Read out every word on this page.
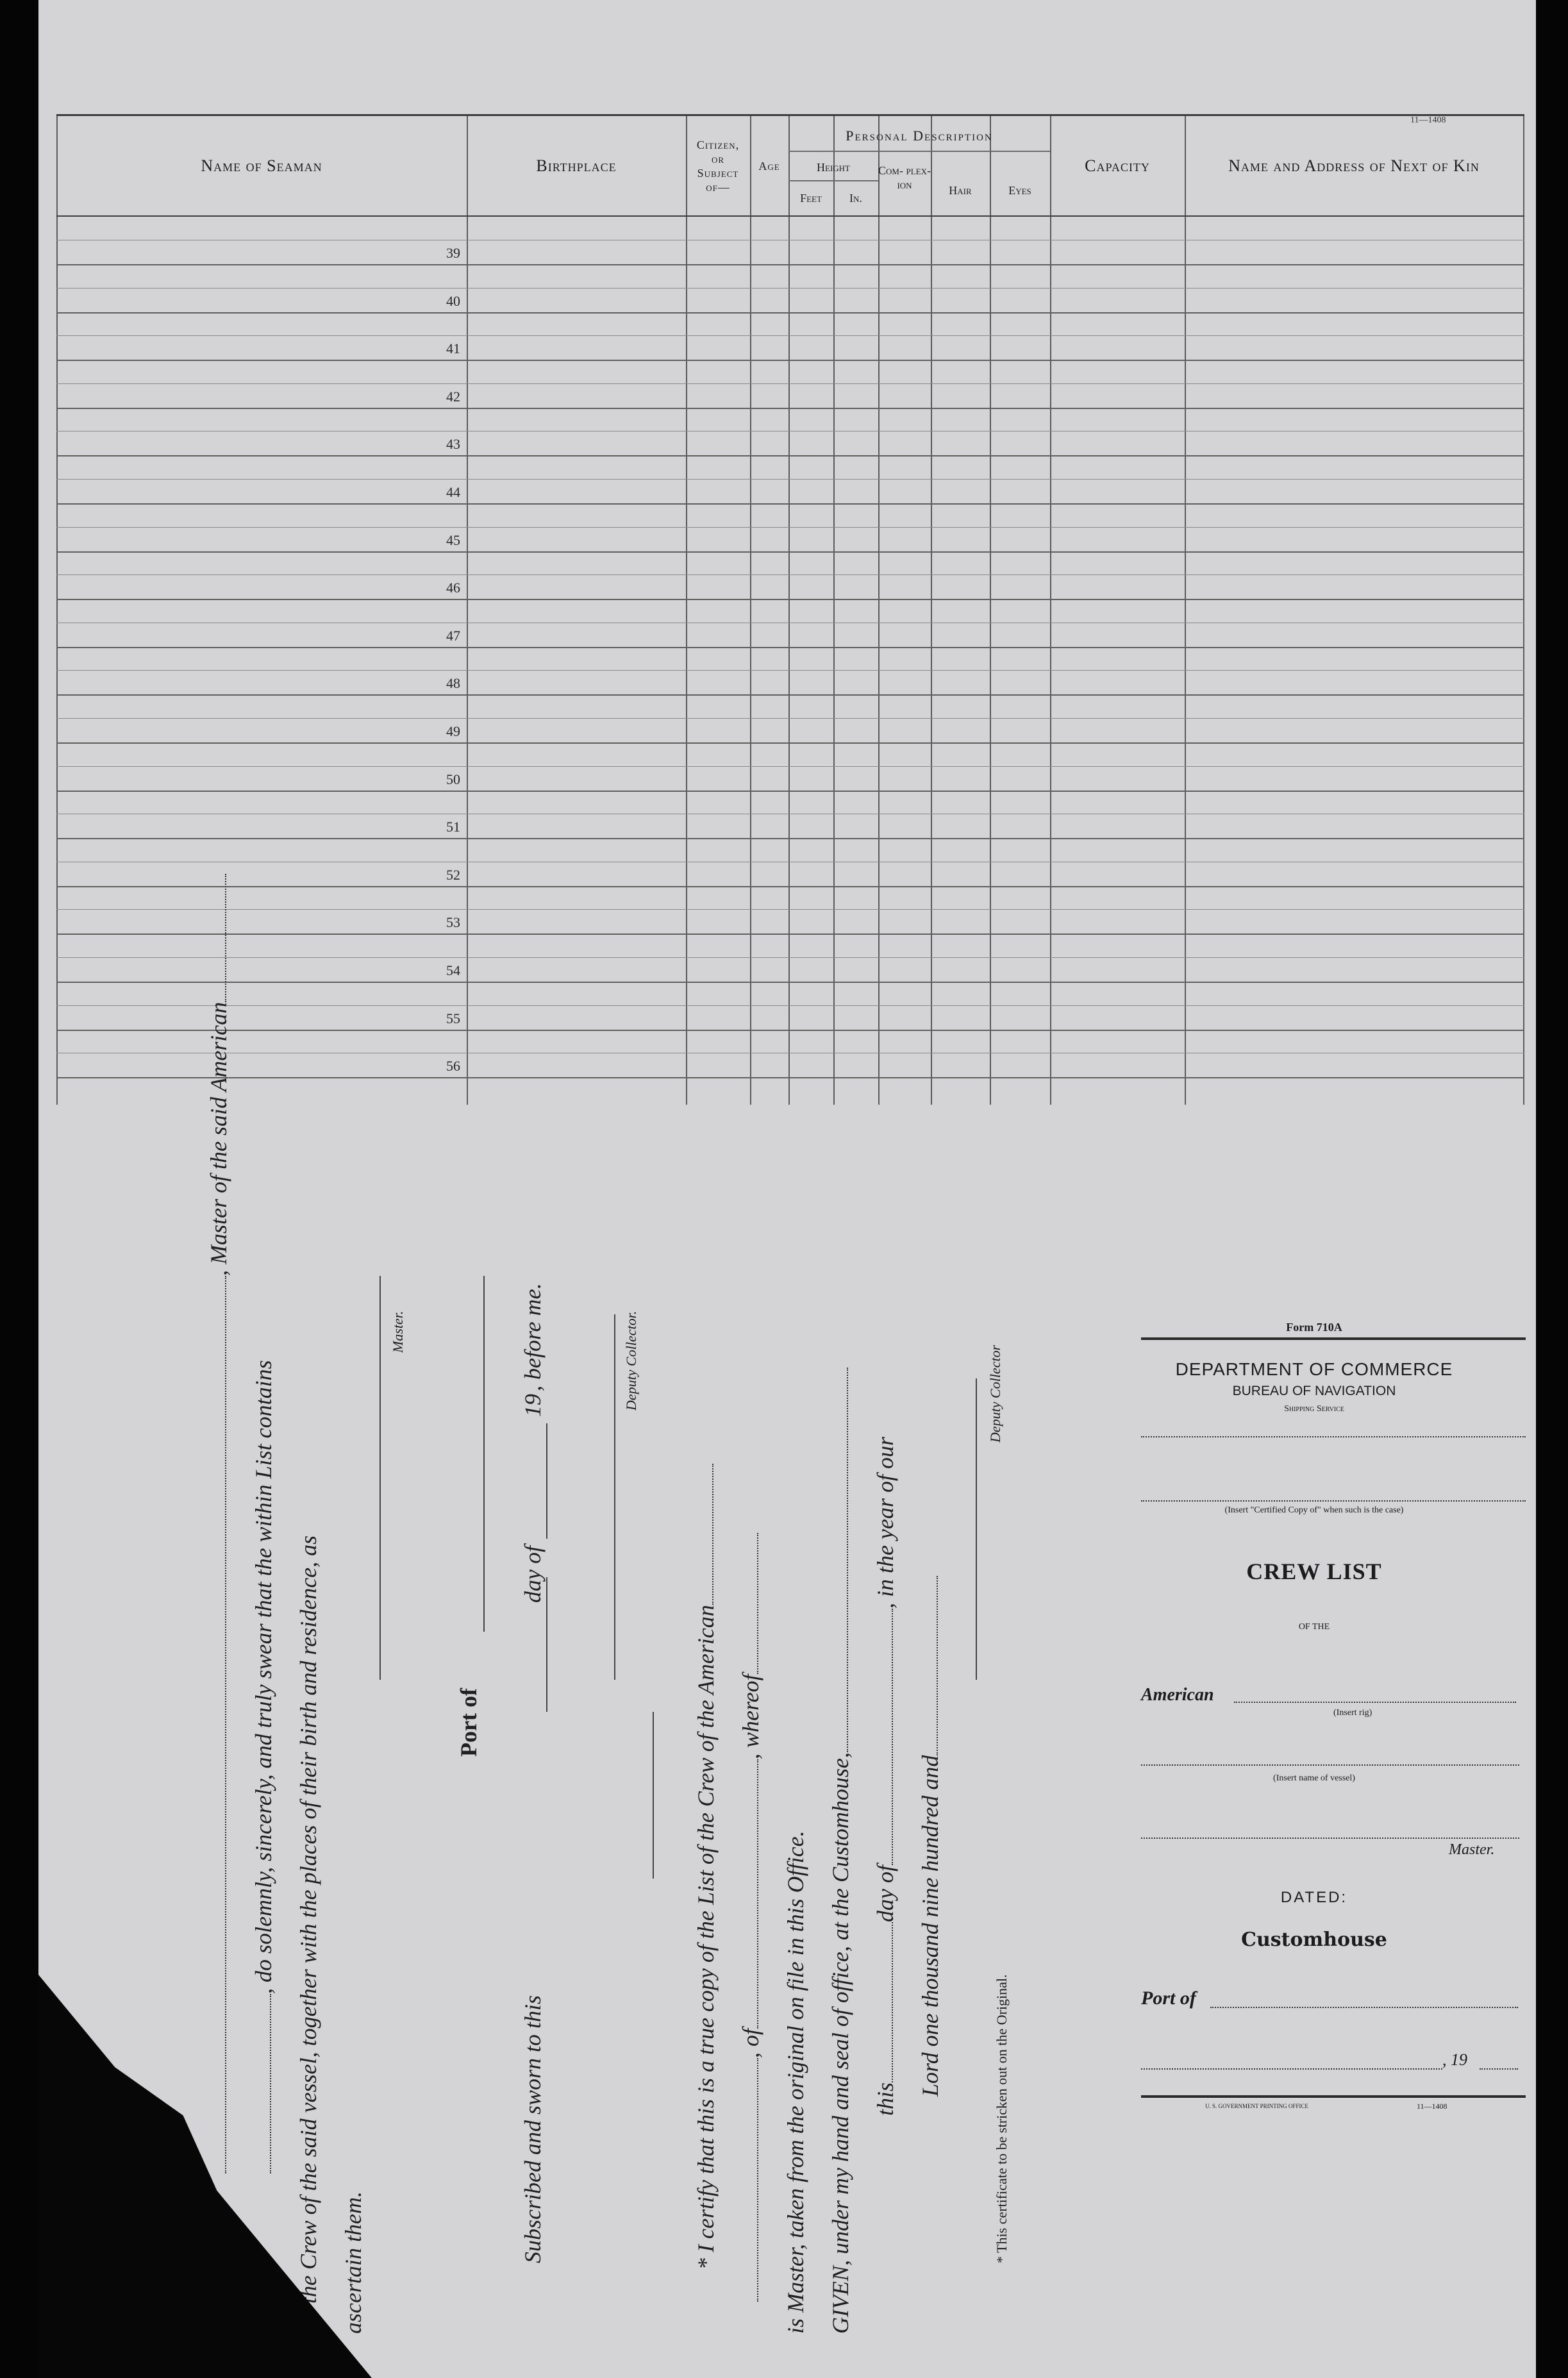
11—1408
Name of Seaman	Birthplace
Citizen, or Subject of—
Age
Personal Description
Height
Feet	In.
Com- plex- ion	Hair	Eyes
Capacity	Name and Address of Next of Kin
39
40
41
42
43
44
45
46
47
48
49
50
51
52
53
54
55
56
, Master of the said American
, do solemnly, sincerely, and truly swear that the within List contains all the Crew of the said vessel, together with the places of their birth and residence, as ascertain them.
Master.
Port of
Subscribed and sworn to this
day of
19
, before me.	Deputy Collector.
* I certify that this is a true copy of the List of the Crew of the American , of, whereof
is Master, taken from the original on file in this Office. GIVEN, under my hand and seal of office, at the Customhouse, thisday of, in the year of our
Lord one thousand nine hundred and
Deputy Collector
* This certificate to be stricken out on the Original.
Form 710A
DEPARTMENT OF COMMERCE
BUREAU OF NAVIGATION
Shipping Service
(Insert "Certified Copy of" when such is the case)
CREW LIST
OF THE
American
(Insert rig)
(Insert name of vessel)
Master.
DATED:
Customhouse
Port of
, 19
U. S. GOVERNMENT PRINTING OFFICE	11—1408
